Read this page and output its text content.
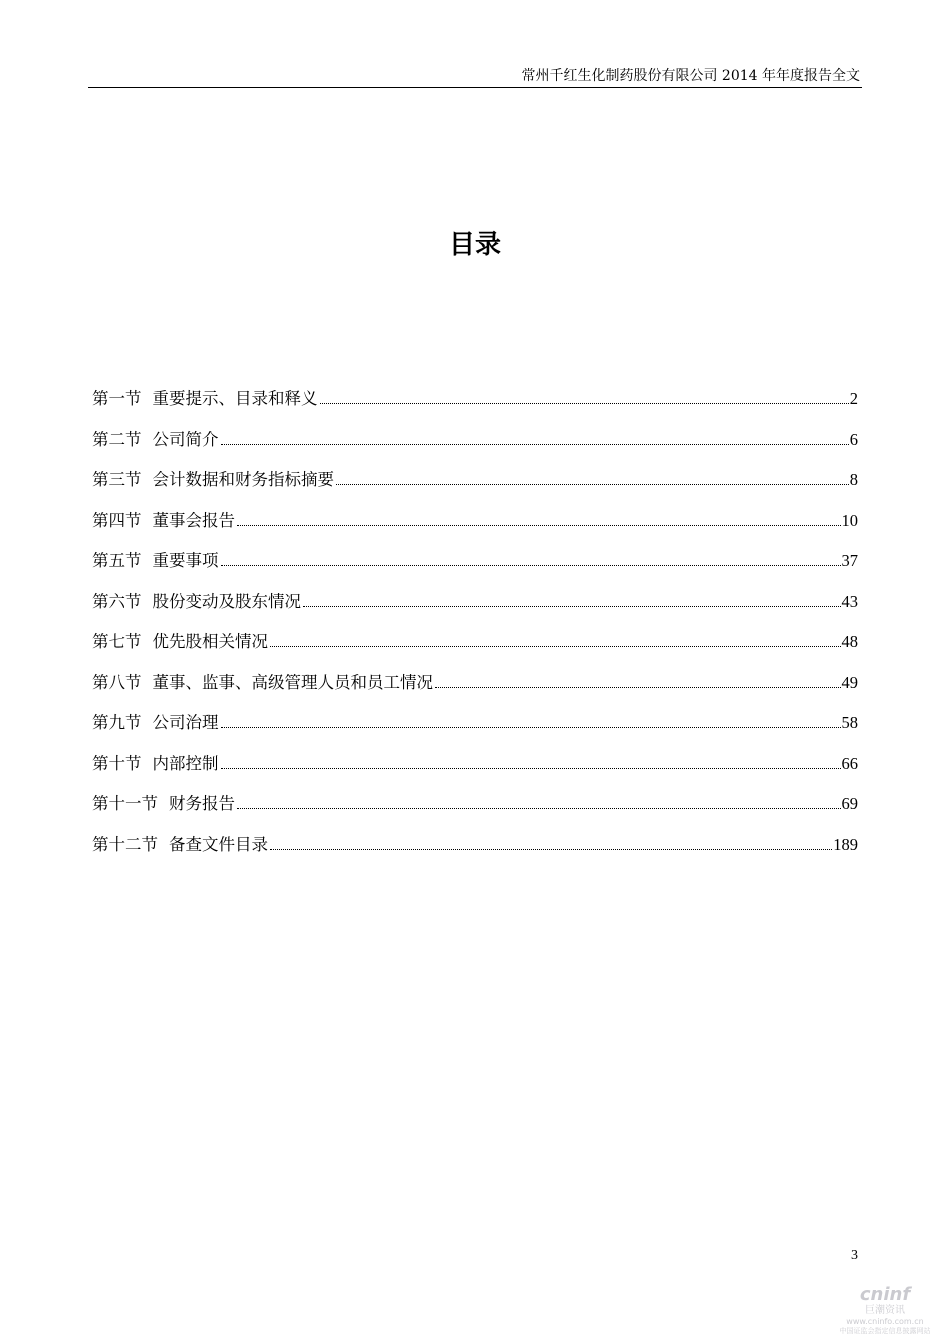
常州千红生化制药股份有限公司 2014 年年度报告全文
目录
第一节 重要提示、目录和释义	2
第二节 公司简介	6
第三节 会计数据和财务指标摘要	8
第四节 董事会报告	10
第五节 重要事项	37
第六节 股份变动及股东情况	43
第七节 优先股相关情况	48
第八节 董事、监事、高级管理人员和员工情况	49
第九节 公司治理	58
第十节 内部控制	66
第十一节 财务报告	69
第十二节 备查文件目录	189
3
cninf
巨潮资讯
www.cninfo.com.cn
中国证监会指定信息披露网站
